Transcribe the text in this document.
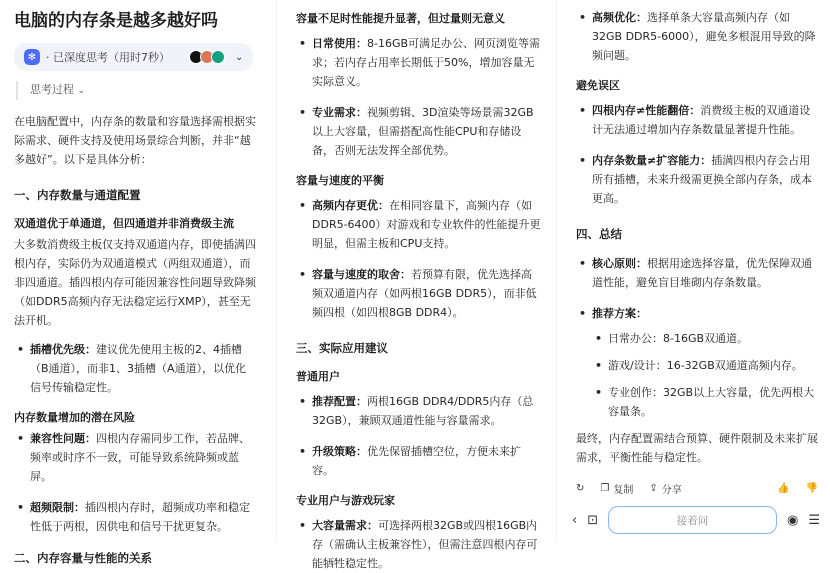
电脑的内存条是越多越好吗
✻ · 已深度思考（用时7秒）	⌄
思考过程 ⌄

在电脑配置中，内存条的数量和容量选择需根据实际需求、硬件支持及使用场景综合判断，并非“越多越好”。以下是具体分析：

一、内存数量与通道配置
双通道优于单通道，但四通道并非消费级主流

大多数消费级主板仅支持双通道内存，即使插满四根内存，实际仍为双通道模式（两组双通道），而非四通道。插四根内存可能因兼容性问题导致降频（如DDR5高频内存无法稳定运行XMP），甚至无法开机。

• 插槽优先级：建议优先使用主板的2、4插槽（B通道），而非1、3插槽（A通道），以优化信号传输稳定性。
内存数量增加的潜在风险
• 兼容性问题：四根内存需同步工作，若品牌、频率或时序不一致，可能导致系统降频或蓝屏。
• 超频限制：插四根内存时，超频成功率和稳定性低于两根，因供电和信号干扰更复杂。
二、内存容量与性能的关系
容量不足时性能提升显著，但过量则无意义
• 日常使用：8-16GB可满足办公、网页浏览等需求；若内存占用率长期低于50%，增加容量无实际意义。
• 专业需求：视频剪辑、3D渲染等场景需32GB以上大容量，但需搭配高性能CPU和存储设备，否则无法发挥全部优势。
容量与速度的平衡
• 高频内存更优：在相同容量下，高频内存（如DDR5-6400）对游戏和专业软件的性能提升更明显，但需主板和CPU支持。
• 容量与速度的取舍：若预算有限，优先选择高频双通道内存（如两根16GB DDR5），而非低频四根（如四根8GB DDR4）。
三、实际应用建议
普通用户
• 推荐配置：两根16GB DDR4/DDR5内存（总32GB），兼顾双通道性能与容量需求。
• 升级策略：优先保留插槽空位，方便未来扩容。
专业用户与游戏玩家
• 大容量需求：可选择两根32GB或四根16GB内存（需确认主板兼容性），但需注意四根内存可能牺牲稳定性。
• 高频优化：选择单条大容量高频内存（如32GB DDR5-6000），避免多根混用导致的降频问题。
避免误区
• 四根内存≠性能翻倍：消费级主板的双通道设计无法通过增加内存条数量显著提升性能。
• 内存条数量≠扩容能力：插满四根内存会占用所有插槽，未来升级需更换全部内存条，成本更高。
四、总结
• 核心原则：根据用途选择容量，优先保障双通道性能，避免盲目堆砌内存条数量。
• 推荐方案：
• 日常办公：8-16GB双通道。
• 游戏/设计：16-32GB双通道高频内存。
• 专业创作：32GB以上大容量，优先两根大容量条。

最终，内存配置需结合预算、硬件限制及未来扩展需求，平衡性能与稳定性。

↻ ❐ 复制 ⇪ 分享	👍 👎
‹ ⊡	接着问	◉ ☰
